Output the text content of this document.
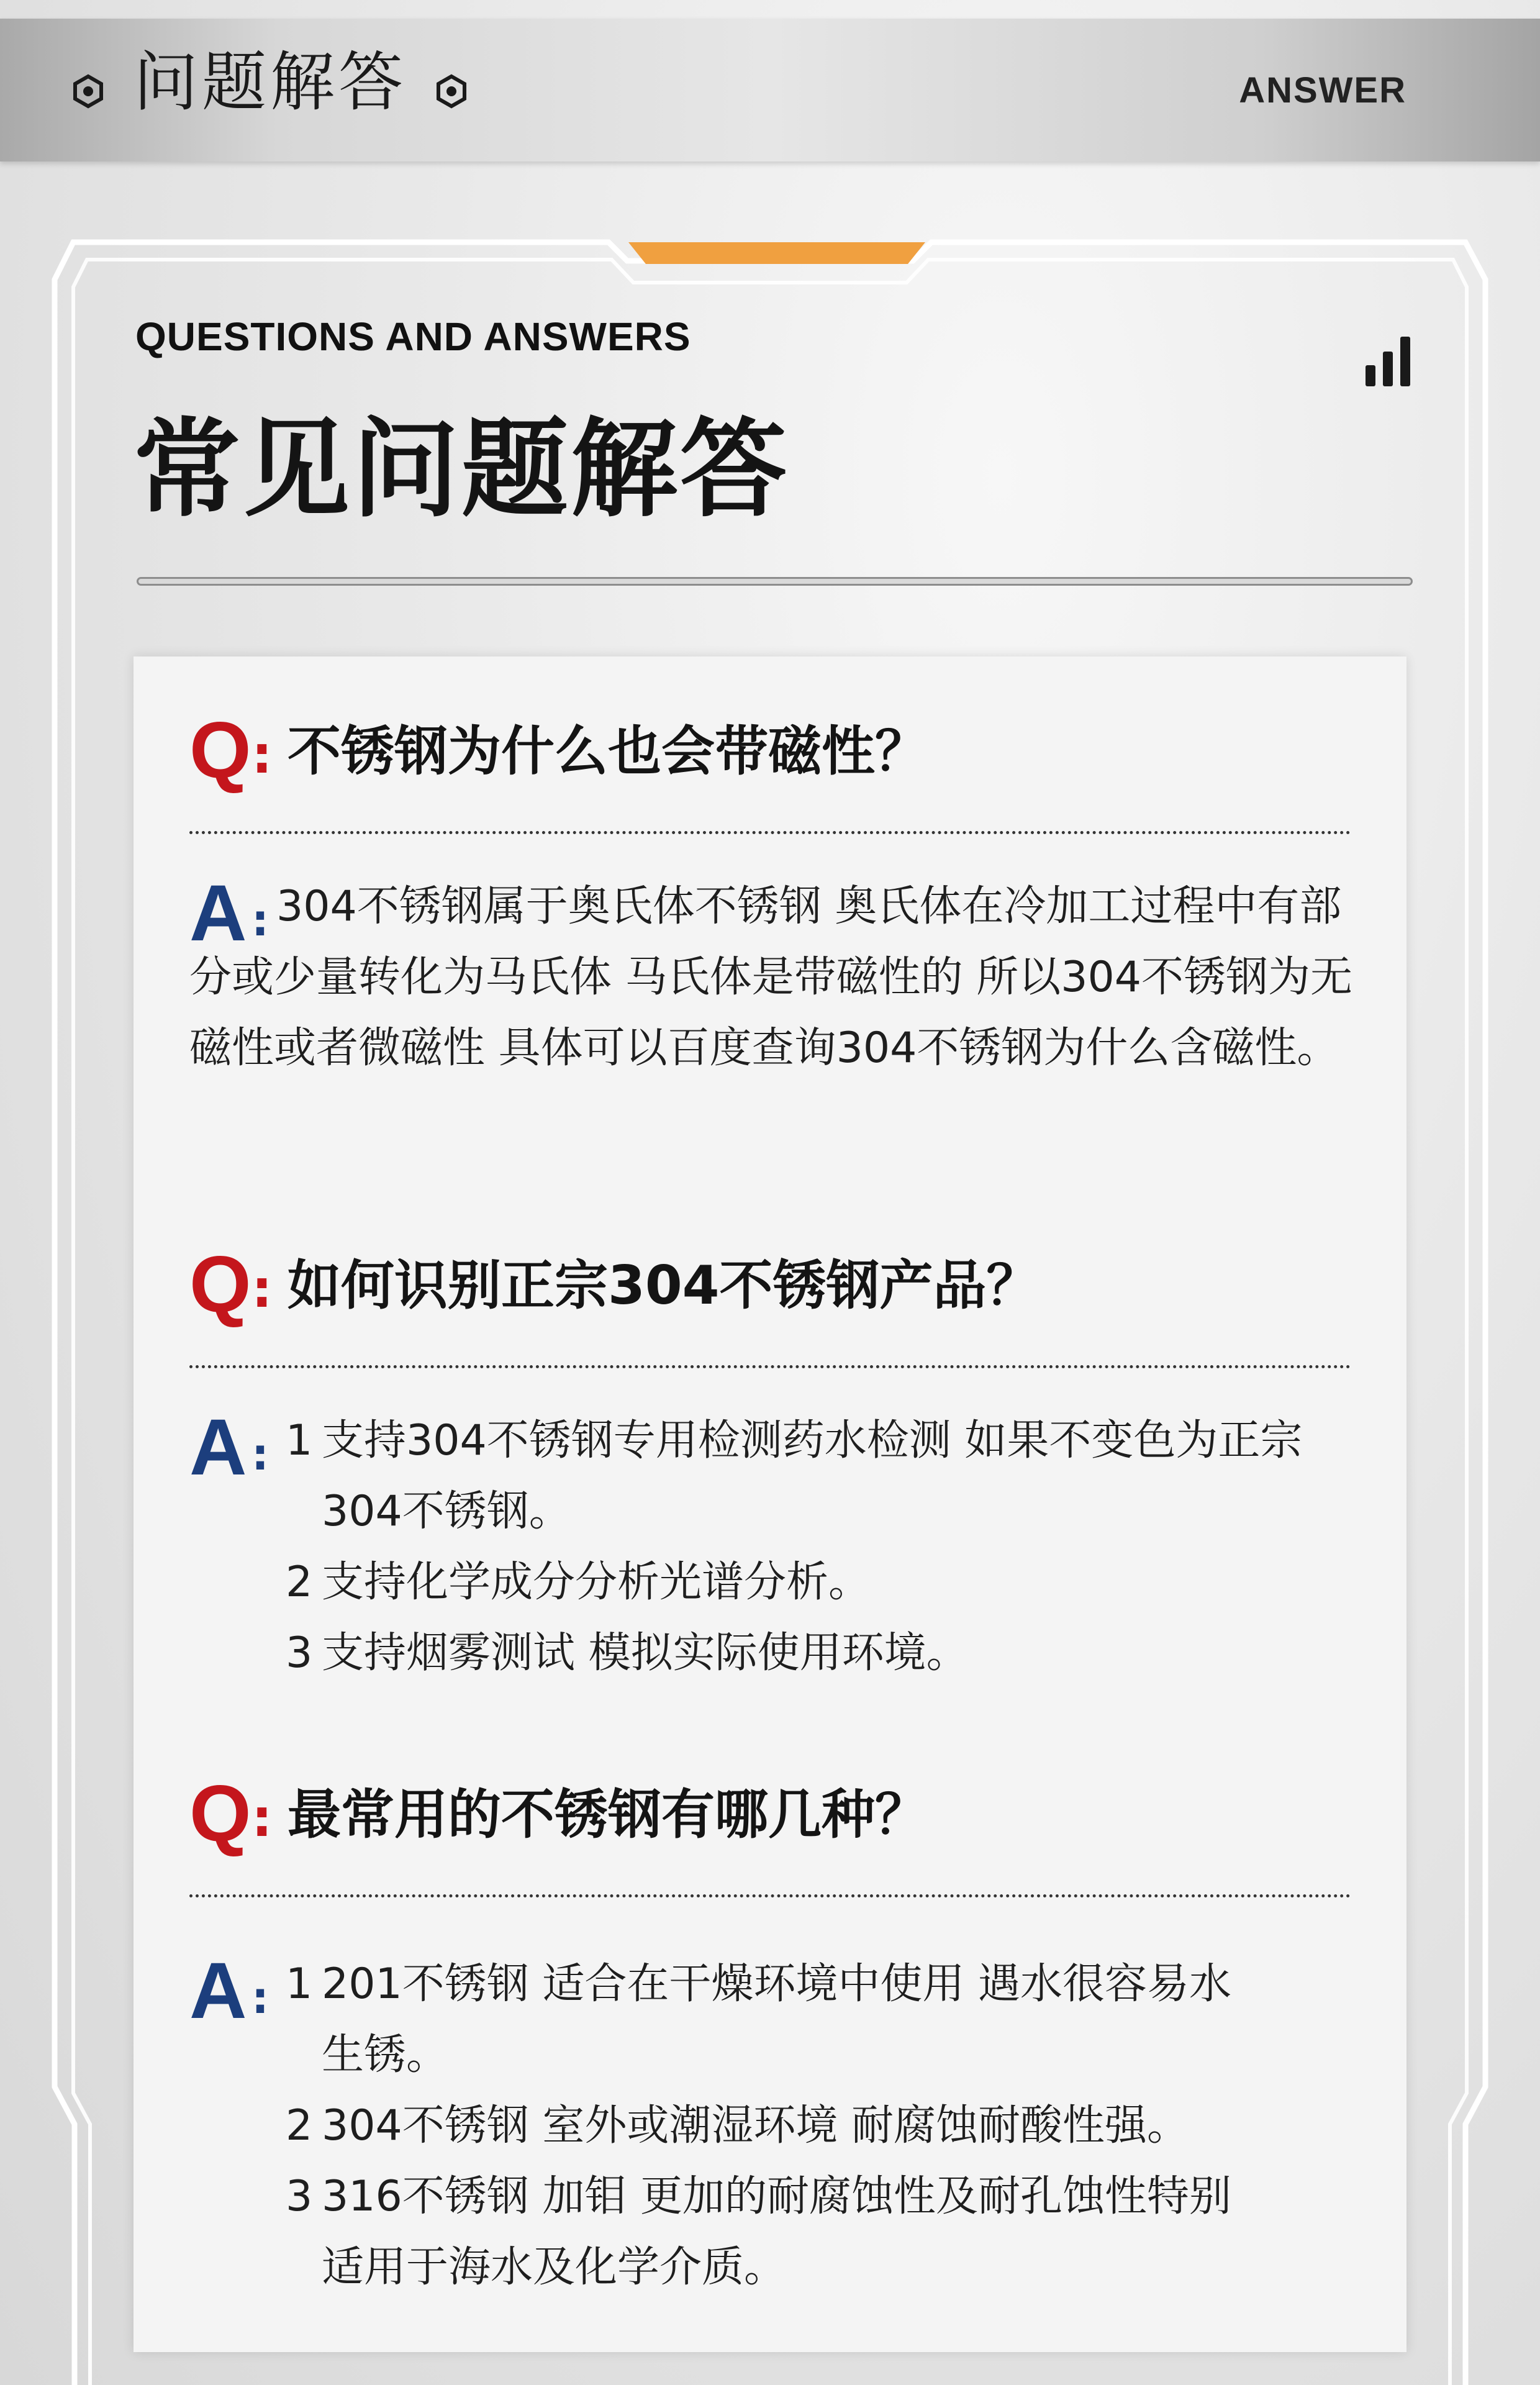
问题解答	ANSWER
QUESTIONS AND ANSWERS
常见问题解答
Q : 不锈钢为什么也会带磁性？
A : 304不锈钢属于奥氏体不锈钢 奥氏体在冷加工过程中有部分或少量转化为马氏体 马氏体是带磁性的 所以304不锈钢为无磁性或者微磁性 具体可以百度查询304不锈钢为什么含磁性。

Q : 如何识别正宗304不锈钢产品？
A : 1 支持304不锈钢专用检测药水检测 如果不变色为正宗304不锈钢。
2 支持化学成分分析光谱分析。
3 支持烟雾测试 模拟实际使用环境。
Q : 最常用的不锈钢有哪几种？
A : 1 201不锈钢 适合在干燥环境中使用 遇水很容易水生锈。
2 304不锈钢 室外或潮湿环境 耐腐蚀耐酸性强。
3 316不锈钢 加钼 更加的耐腐蚀性及耐孔蚀性特别适用于海水及化学介质。
